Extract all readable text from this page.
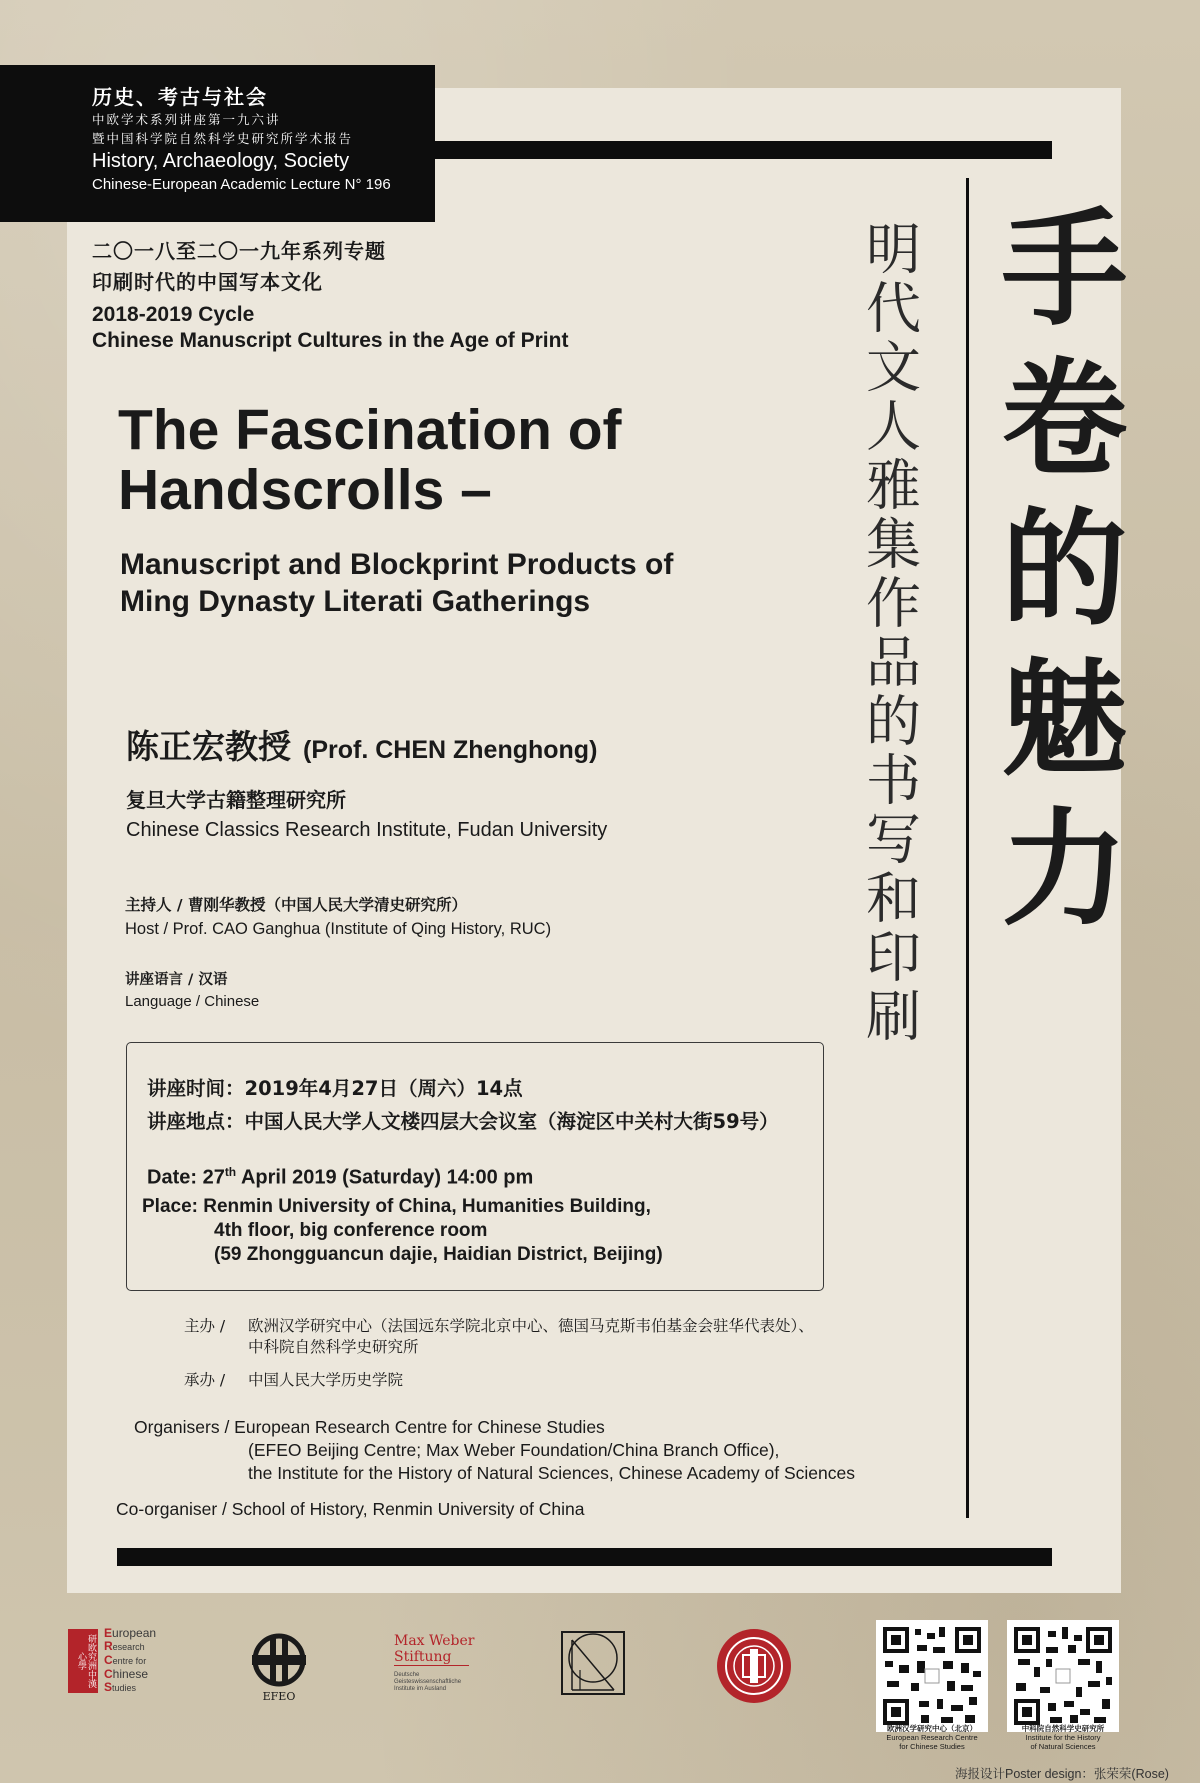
历史、考古与社会
中欧学术系列讲座第一九六讲
暨中国科学院自然科学史研究所学术报告
History, Archaeology, Society
Chinese-European Academic Lecture N° 196
二〇一八至二〇一九年系列专题
印刷时代的中国写本文化
2018-2019 Cycle
Chinese Manuscript Cultures in the Age of Print
The Fascination of
Handscrolls –
Manuscript and Blockprint Products of
Ming Dynasty Literati Gatherings	明代文人雅集作品的书写和印刷 手卷的魅力
陈正宏教授 (Prof. CHEN Zhenghong)
复旦大学古籍整理研究所
Chinese Classics Research Institute, Fudan University
主持人 / 曹刚华教授（中国人民大学清史研究所）
Host / Prof. CAO Ganghua (Institute of Qing History, RUC)
讲座语言 / 汉语
Language / Chinese
讲座时间：2019年4月27日（周六）14点
讲座地点：中国人民大学人文楼四层大会议室（海淀区中关村大街59号）
Date: 27th April 2019 (Saturday) 14:00 pm
Place: Renmin University of China, Humanities Building,
4th floor, big conference room
(59 Zhongguancun dajie, Haidian District, Beijing)
主办 /	欧洲汉学研究中心（法国远东学院北京中心、德国马克斯韦伯基金会驻华代表处）、
中科院自然科学史研究所
承办 /	中国人民大学历史学院
Organisers / European Research Centre for Chinese Studies
(EFEO Beijing Centre; Max Weber Foundation/China Branch Office),
the Institute for the History of Natural Sciences, Chinese Academy of Sciences
Co-organiser / School of History, Renmin University of China
研欧究洲中漢心學
European
Research
Centre for
Chinese
Studies
EFEO
Max Weber
Stiftung
Deutsche Geisteswissenschaftliche Institute im Ausland
欧洲汉学研究中心（北京）
European Research Centre
for Chinese Studies
中科院自然科学史研究所
Institute for the History
of Natural Sciences
海报设计Poster design：张荣荣(Rose)
